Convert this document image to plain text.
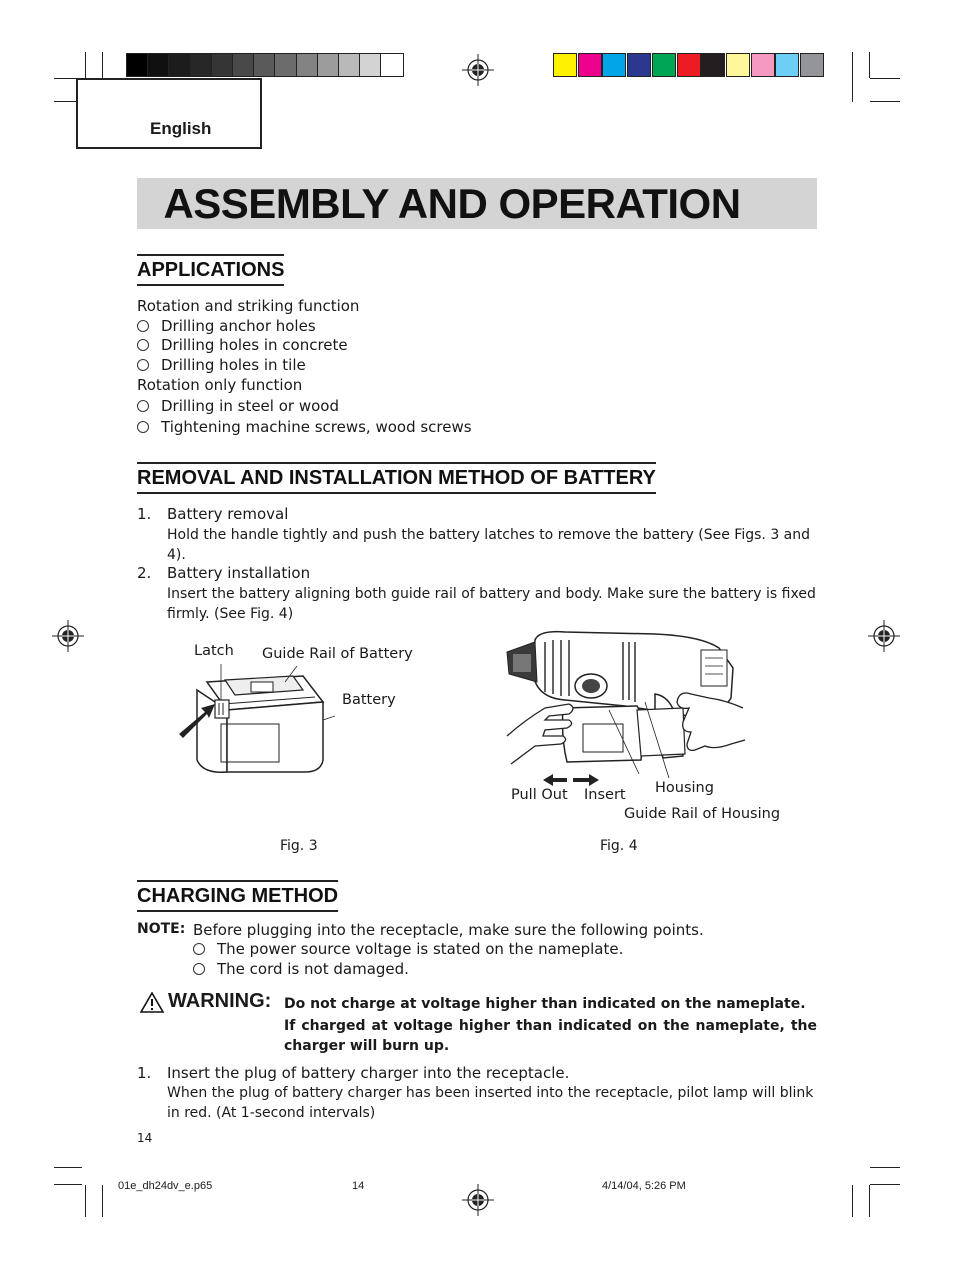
English
ASSEMBLY AND OPERATION
APPLICATIONS
Rotation and striking function
Drilling anchor holes
Drilling holes in concrete
Drilling holes in tile
Rotation only function
Drilling in steel or wood
Tightening machine screws, wood screws
REMOVAL AND INSTALLATION METHOD OF BATTERY
1. Battery removal
Hold the handle tightly and push the battery latches to remove the battery (See Figs. 3 and 4).
2. Battery installation
Insert the battery aligning both guide rail of battery and body. Make sure the battery is fixed firmly. (See Fig. 4)
Latch Guide Rail of Battery
Battery
Fig. 3
Housing
Pull Out Insert
Guide Rail of Housing
Fig. 4
CHARGING METHOD
NOTE: Before plugging into the receptacle, make sure the following points.
The power source voltage is stated on the nameplate.
The cord is not damaged.
WARNING: Do not charge at voltage higher than indicated on the nameplate.
If charged at voltage higher than indicated on the nameplate, the charger will burn up.
1. Insert the plug of battery charger into the receptacle.
When the plug of battery charger has been inserted into the receptacle, pilot lamp will blink in red. (At 1-second intervals)
14
01e_dh24dv_e.p65	14	4/14/04, 5:26 PM
